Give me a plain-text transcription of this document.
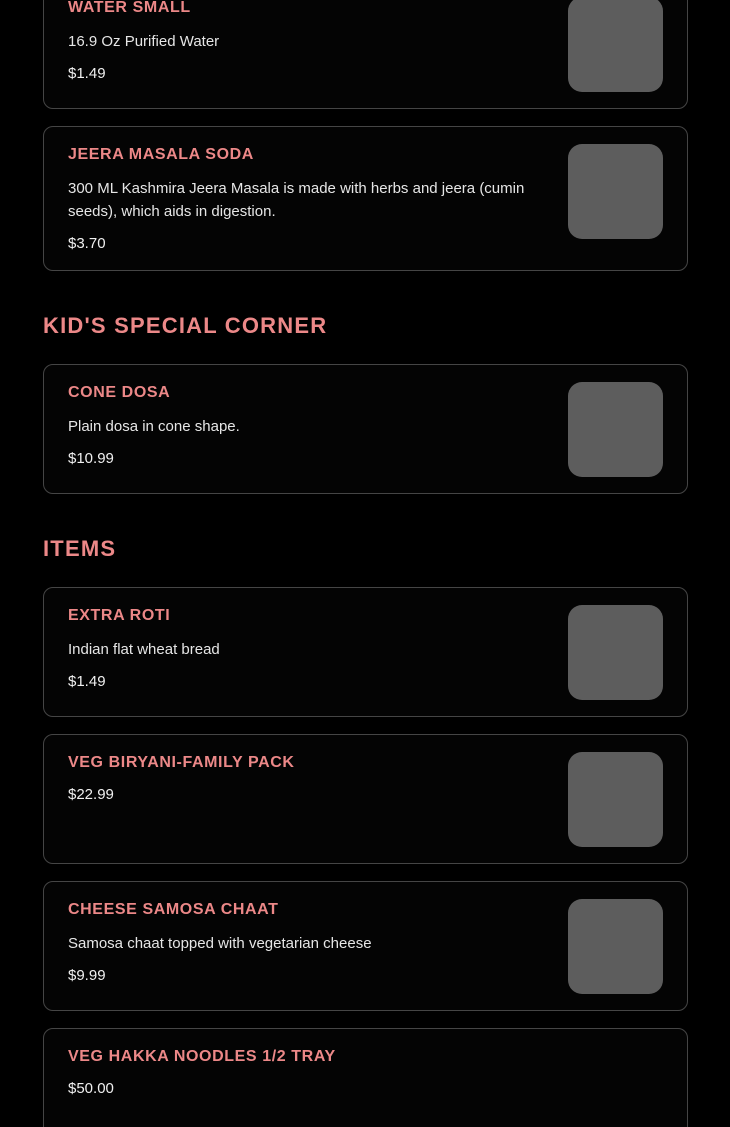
WATER SMALL

16.9 Oz Purified Water

$1.49

JEERA MASALA SODA

300 ML Kashmira Jeera Masala is made with herbs and jeera (cumin seeds), which aids in digestion.

$3.70

KID'S SPECIAL CORNER
CONE DOSA

Plain dosa in cone shape.

$10.99

ITEMS
EXTRA ROTI

Indian flat wheat bread

$1.49

VEG BIRYANI-FAMILY PACK

$22.99

CHEESE SAMOSA CHAAT

Samosa chaat topped with vegetarian cheese

$9.99

VEG HAKKA NOODLES 1/2 TRAY

$50.00
